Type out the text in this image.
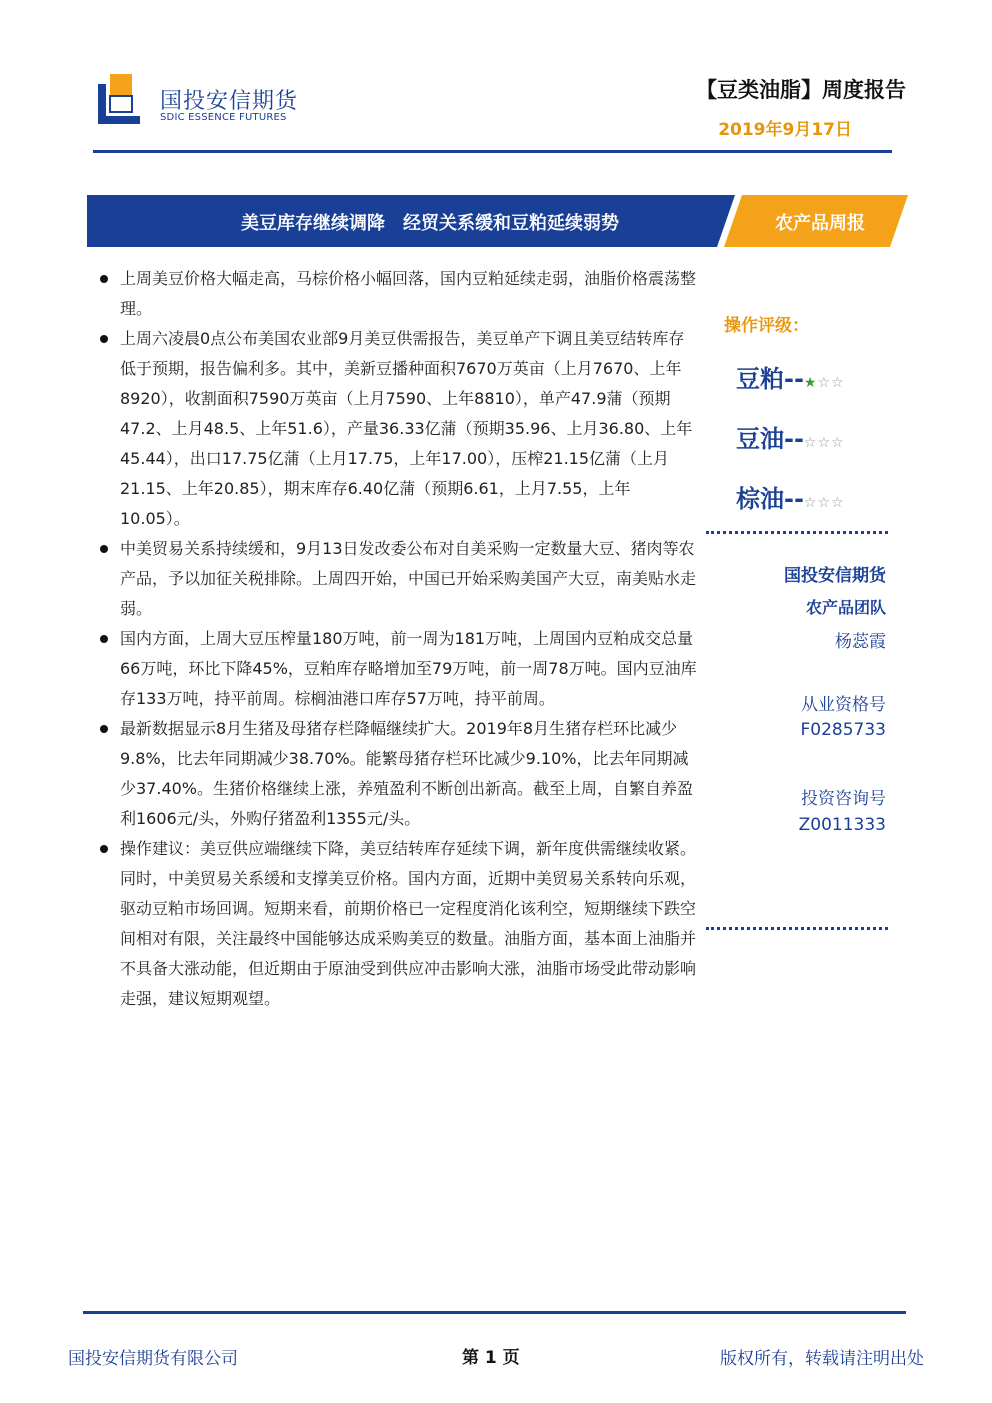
国投安信期货
SDIC ESSENCE FUTURES
【豆类油脂】周度报告
2019年9月17日
美豆库存继续调降　经贸关系缓和豆粕延续弱势	农产品周报
上周美豆价格大幅走高，马棕价格小幅回落，国内豆粕延续走弱，油脂价格震荡整理。
上周六凌晨0点公布美国农业部9月美豆供需报告，美豆单产下调且美豆结转库存低于预期，报告偏利多。其中，美新豆播种面积7670万英亩（上月7670、上年8920），收割面积7590万英亩（上月7590、上年8810），单产47.9蒲（预期47.2、上月48.5、上年51.6），产量36.33亿蒲（预期35.96、上月36.80、上年45.44），出口17.75亿蒲（上月17.75，上年17.00），压榨21.15亿蒲（上月21.15、上年20.85），期末库存6.40亿蒲（预期6.61，上月7.55，上年10.05）。
中美贸易关系持续缓和，9月13日发改委公布对自美采购一定数量大豆、猪肉等农产品，予以加征关税排除。上周四开始，中国已开始采购美国产大豆，南美贴水走弱。
国内方面，上周大豆压榨量180万吨，前一周为181万吨，上周国内豆粕成交总量66万吨，环比下降45%，豆粕库存略增加至79万吨，前一周78万吨。国内豆油库存133万吨，持平前周。棕榈油港口库存57万吨，持平前周。
最新数据显示8月生猪及母猪存栏降幅继续扩大。2019年8月生猪存栏环比减少9.8%，比去年同期减少38.70%。能繁母猪存栏环比减少9.10%，比去年同期减少37.40%。生猪价格继续上涨，养殖盈利不断创出新高。截至上周，自繁自养盈利1606元/头，外购仔猪盈利1355元/头。
操作建议：美豆供应端继续下降，美豆结转库存延续下调，新年度供需继续收紧。同时，中美贸易关系缓和支撑美豆价格。国内方面，近期中美贸易关系转向乐观，驱动豆粕市场回调。短期来看，前期价格已一定程度消化该利空，短期继续下跌空间相对有限，关注最终中国能够达成采购美豆的数量。油脂方面，基本面上油脂并不具备大涨动能，但近期由于原油受到供应冲击影响大涨，油脂市场受此带动影响走强，建议短期观望。
操作评级：
豆粕--★☆☆
豆油--☆☆☆
棕油--☆☆☆
国投安信期货
农产品团队
杨蕊霞
从业资格号
F0285733
投资咨询号
Z0011333
国投安信期货有限公司	第 1 页	版权所有，转载请注明出处
